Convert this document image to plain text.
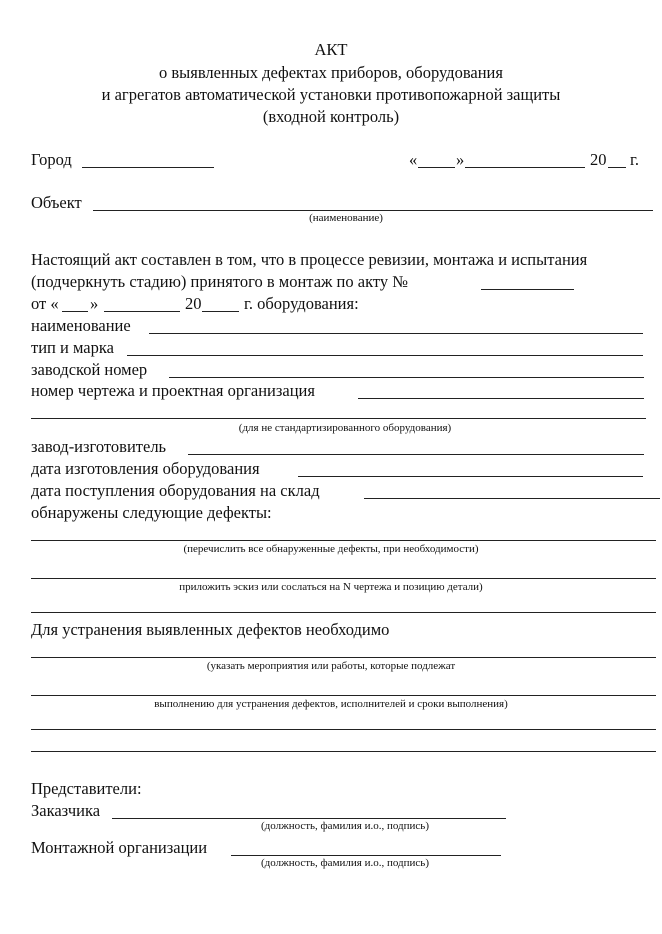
АКТ
о выявленных дефектах приборов, оборудования
и агрегатов автоматической установки противопожарной защиты
(входной контроль)
Город	« »	20 г.
Объект
(наименование)
Настоящий акт составлен в том, что в процессе ревизии, монтажа и испытания
(подчеркнуть стадию) принятого в монтаж по акту №
от « »	20	г. оборудования:
наименование
тип и марка
заводской номер
номер чертежа и проектная организация
(для не стандартизированного оборудования)
завод-изготовитель
дата изготовления оборудования
дата поступления оборудования на склад
обнаружены следующие дефекты:
(перечислить все обнаруженные дефекты, при необходимости)
приложить эскиз или сослаться на N чертежа и позицию детали)
Для устранения выявленных дефектов необходимо
(указать мероприятия или работы, которые подлежат
выполнению для устранения дефектов, исполнителей и сроки выполнения)
Представители:
Заказчика
(должность, фамилия и.о., подпись)
Монтажной организации
(должность, фамилия и.о., подпись)
